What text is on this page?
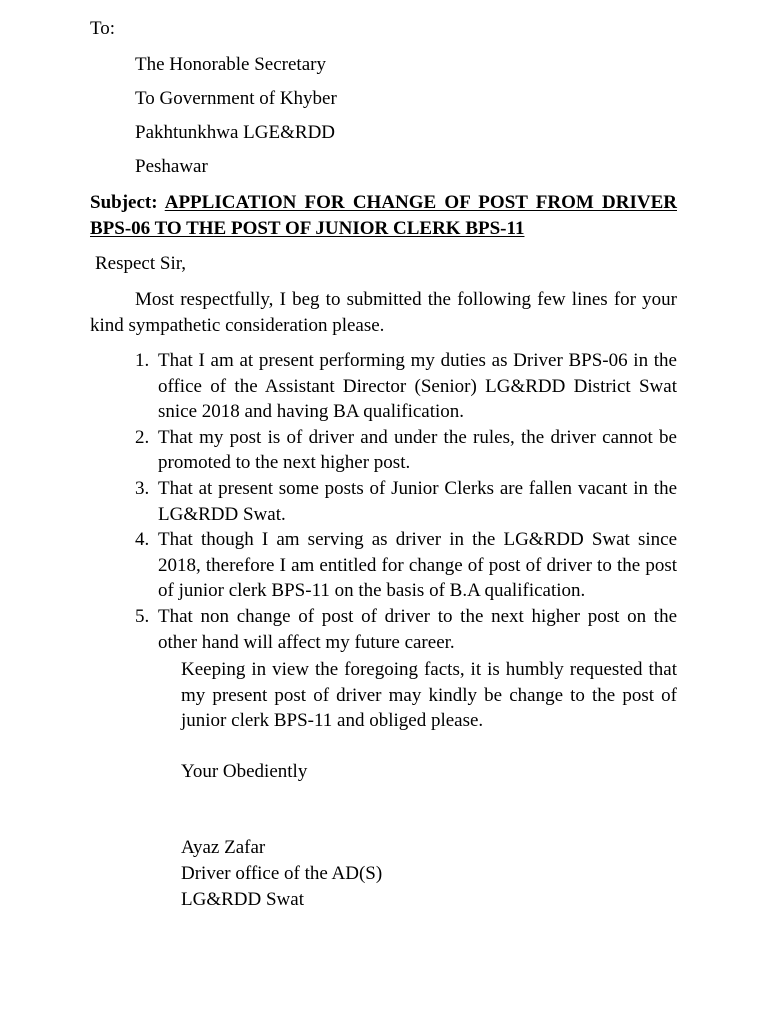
To:
The Honorable Secretary
To Government of Khyber
Pakhtunkhwa LGE&RDD
Peshawar
Subject: APPLICATION FOR CHANGE OF POST FROM DRIVER BPS-06 TO THE POST OF JUNIOR CLERK BPS-11
Respect Sir,
Most respectfully, I beg to submitted the following few lines for your kind sympathetic consideration please.
1. That I am at present performing my duties as Driver BPS-06 in the office of the Assistant Director (Senior) LG&RDD District Swat snice 2018 and having BA qualification.
2. That my post is of driver and under the rules, the driver cannot be promoted to the next higher post.
3. That at present some posts of Junior Clerks are fallen vacant in the LG&RDD Swat.
4. That though I am serving as driver in the LG&RDD Swat since 2018, therefore I am entitled for change of post of driver to the post of junior clerk BPS-11 on the basis of B.A qualification.
5. That non change of post of driver to the next higher post on the other hand will affect my future career.
Keeping in view the foregoing facts, it is humbly requested that my present post of driver may kindly be change to the post of junior clerk BPS-11 and obliged please.
Your Obediently
Ayaz Zafar
Driver office of the AD(S)
LG&RDD Swat
